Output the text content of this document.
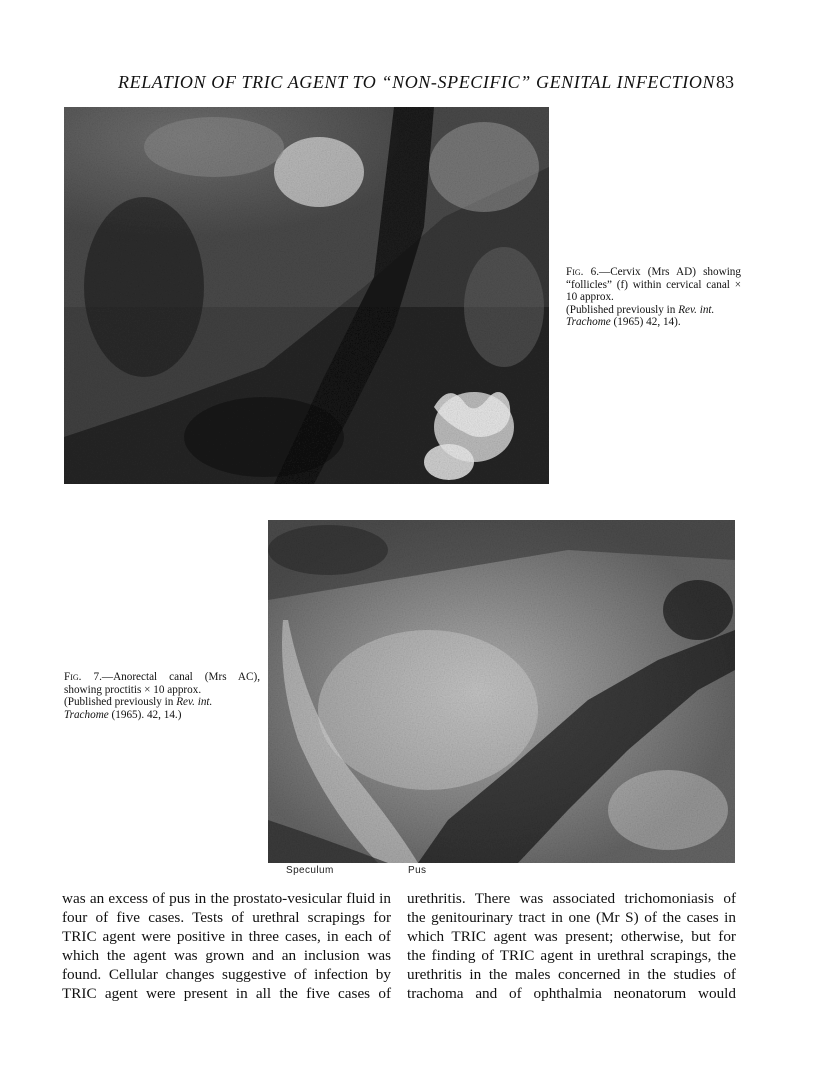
RELATION OF TRIC AGENT TO “NON-SPECIFIC” GENITAL INFECTION 83
Fig. 6.—Cervix (Mrs AD) showing “follicles” (f) within cervical canal × 10 approx.
(Published previously in Rev. int.
Trachome (1965) 42, 14).
Speculum	Pus
Fig. 7.—Anorectal canal (Mrs AC), showing proctitis × 10 approx.
(Published previously in Rev. int.
Trachome (1965). 42, 14.)
was an excess of pus in the prostato-vesicular fluid in
four of five cases. Tests of urethral scrapings for
TRIC agent were positive in three cases, in each of
which the agent was grown and an inclusion was
found. Cellular changes suggestive of infection by
TRIC agent were present in all the five cases of
urethritis. There was associated trichomoniasis of
the genitourinary tract in one (Mr S) of the cases in
which TRIC agent was present; otherwise, but for
the finding of TRIC agent in urethral scrapings, the
urethritis in the males concerned in the studies of
trachoma and of ophthalmia neonatorum would
